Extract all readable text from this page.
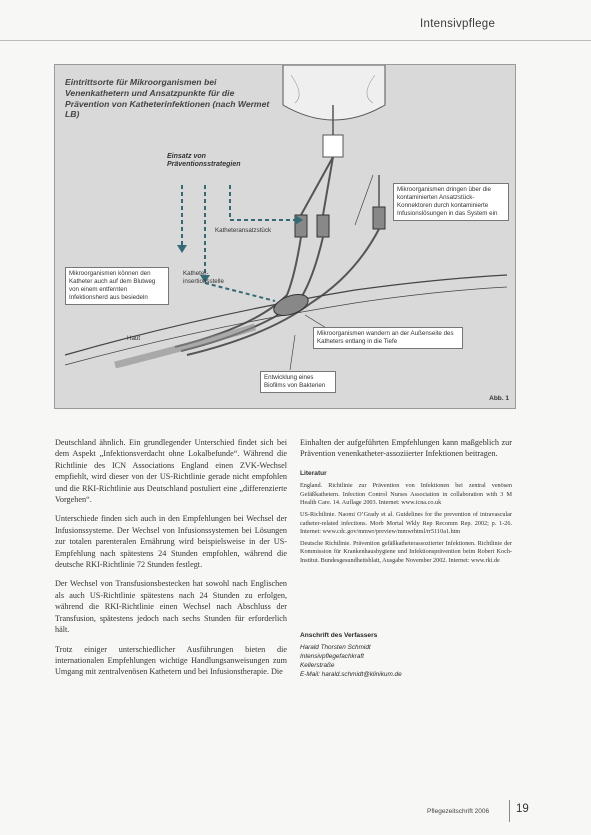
Intensivpflege
Eintrittsorte für Mikroorganismen bei Venenkathetern und Ansatzpunkte für die Prävention von Katheterinfektionen (nach Wermet LB)
Einsatz von Präventionsstrategien
Katheteransatzstück
Katheter-insertionsstelle
Mikroorganismen können den Katheter auch auf dem Blutweg von einem entfernten Infektionsherd aus besiedeln
Mikroorganismen dringen über die kontaminierten Ansatzstück-Konnektoren durch kontaminierte Infusionslösungen in das System ein
Haut
Mikroorganismen wandern an der Außenseite des Katheters entlang in die Tiefe
Entwicklung eines Biofilms von Bakterien
Abb. 1

Deutschland ähnlich. Ein grundlegender Unterschied findet sich bei dem Aspekt „Infektionsverdacht ohne Lokalbefunde“. Während die Richtlinie des ICN Associations England einen ZVK-Wechsel empfiehlt, wird dieser von der US-Richtlinie gerade nicht empfohlen und die RKI-Richtlinie aus Deutschland postuliert eine „differenzierte Vorgehen“.

Unterschiede finden sich auch in den Empfehlungen bei Wechsel der Infusionssysteme. Der Wechsel von Infusionssystemen bei Lösungen zur totalen parenteralen Ernährung wird beispielsweise in der US-Empfehlung nach spätestens 24 Stunden empfohlen, während die deutsche RKI-Richtlinie 72 Stunden festlegt.

Der Wechsel von Transfusionsbestecken hat sowohl nach Englischen als auch US-Richtlinie spätestens nach 24 Stunden zu erfolgen, während die RKI-Richtlinie einen Wechsel nach Abschluss der Transfusion, spätestens jedoch nach sechs Stunden für erforderlich hält.

Trotz einiger unterschiedlicher Ausführungen bieten die internationalen Empfehlungen wichtige Handlungsanweisungen zum Umgang mit zentralvenösen Kathetern und bei Infusionstherapie. Die

Einhalten der aufgeführten Empfehlungen kann maßgeblich zur Prävention venenkatheter-assoziierter Infektionen beitragen.

Literatur
England. Richtlinie zur Prävention von Infektionen bei zentral venösen Gefäßkathetern. Infection Control Nurses Association in collaboration with 3 M Health Care. 14. Auflage 2003. Internet: www.icna.co.uk
US-Richtlinie. Naomi O’Grady et al. Guidelines for the prevention of intravascular catheter-related infections. Morb Mortal Wkly Rep Recomm Rep. 2002; p. 1-26. Internet: www.cdc.gov/mmwr/preview/mmwrhtml/rr5110a1.htm
Deutsche Richtlinie. Prävention gefäßkatheterassoziierter Infektionen. Richtlinie der Kommission für Krankenhaushygiene und Infektionsprävention beim Robert Koch-Institut. Bundesgesundheitsblatt, Ausgabe November 2002. Internet: www.rki.de
Anschrift des Verfassers
Harald Thorsten Schmidt
Intensivpflegefachkraft
Kellerstraße
E-Mail: harald.schmidt@klinikum.de
Pflegezeitschrift 2006 19
